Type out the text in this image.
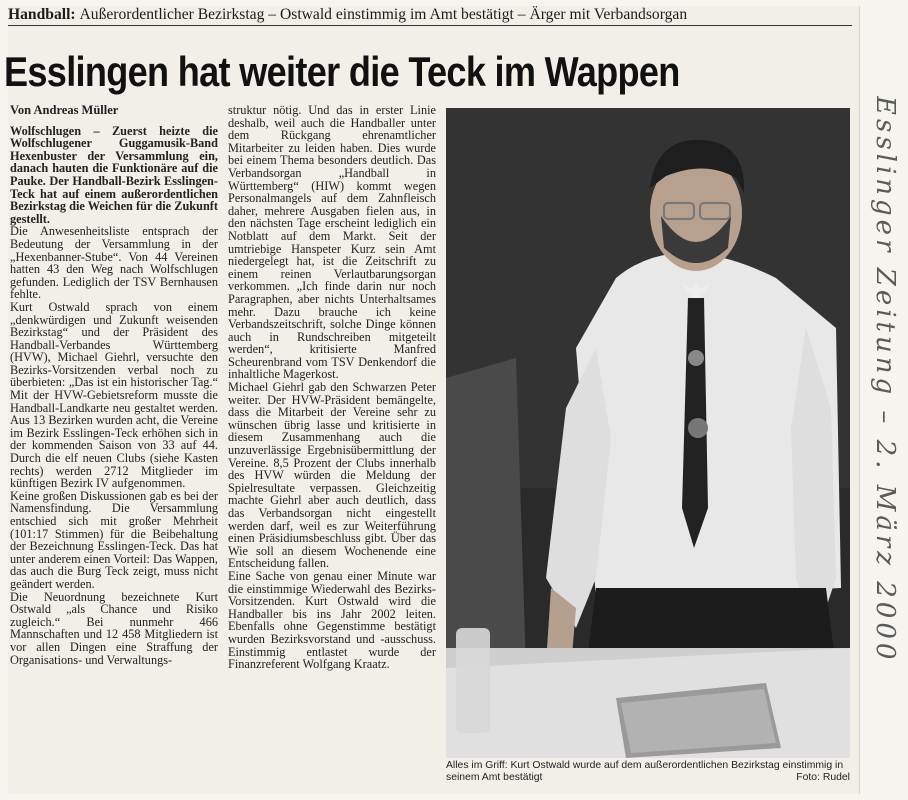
Handball: Außerordentlicher Bezirkstag – Ostwald einstimmig im Amt bestätigt – Ärger mit Verbandsorgan
Esslingen hat weiter die Teck im Wappen
Von Andreas Müller

Wolfschlugen – Zuerst heizte die Wolfschlugener Guggamusik-Band Hexenbuster der Versammlung ein, danach hauten die Funktionäre auf die Pauke. Der Handball-Bezirk Esslingen-Teck hat auf einem außerordentlichen Bezirkstag die Weichen für die Zukunft gestellt.

Die Anwesenheitsliste entsprach der Bedeutung der Versammlung in der „Hexenbanner-Stube“. Von 44 Vereinen hatten 43 den Weg nach Wolfschlugen gefunden. Lediglich der TSV Bernhausen fehlte.

Kurt Ostwald sprach von einem „denkwürdigen und Zukunft weisenden Bezirkstag“ und der Präsident des Handball-Verbandes Württemberg (HVW), Michael Giehrl, versuchte den Bezirks-Vorsitzenden verbal noch zu überbieten: „Das ist ein historischer Tag.“ Mit der HVW-Gebietsreform musste die Handball-Landkarte neu gestaltet werden. Aus 13 Bezirken wurden acht, die Vereine im Bezirk Esslingen-Teck erhöhen sich in der kommenden Saison von 33 auf 44. Durch die elf neuen Clubs (siehe Kasten rechts) werden 2712 Mitglieder im künftigen Bezirk IV aufgenommen.

Keine großen Diskussionen gab es bei der Namensfindung. Die Versammlung entschied sich mit großer Mehrheit (101:17 Stimmen) für die Beibehaltung der Bezeichnung Esslingen-Teck. Das hat unter anderem einen Vorteil: Das Wappen, das auch die Burg Teck zeigt, muss nicht geändert werden.

Die Neuordnung bezeichnete Kurt Ostwald „als Chance und Risiko zugleich.“ Bei nunmehr 466 Mannschaften und 12 458 Mitgliedern ist vor allen Dingen eine Straffung der Organisations- und Verwaltungs-

struktur nötig. Und das in erster Linie deshalb, weil auch die Handballer unter dem Rückgang ehrenamtlicher Mitarbeiter zu leiden haben. Dies wurde bei einem Thema besonders deutlich. Das Verbandsorgan „Handball in Württemberg“ (HIW) kommt wegen Personalmangels auf dem Zahnfleisch daher, mehrere Ausgaben fielen aus, in den nächsten Tage erscheint lediglich ein Notblatt auf dem Markt. Seit der umtriebige Hanspeter Kurz sein Amt niedergelegt hat, ist die Zeitschrift zu einem reinen Verlautbarungsorgan verkommen. „Ich finde darin nur noch Paragraphen, aber nichts Unterhaltsames mehr. Dazu brauche ich keine Verbandszeitschrift, solche Dinge können auch in Rundschreiben mitgeteilt werden“, kritisierte Manfred Scheurenbrand vom TSV Denkendorf die inhaltliche Magerkost.

Michael Giehrl gab den Schwarzen Peter weiter. Der HVW-Präsident bemängelte, dass die Mitarbeit der Vereine sehr zu wünschen übrig lasse und kritisierte in diesem Zusammenhang auch die unzuverlässige Ergebnisübermittlung der Vereine. 8,5 Prozent der Clubs innerhalb des HVW würden die Meldung der Spielresultate verpassen. Gleichzeitig machte Giehrl aber auch deutlich, dass das Verbandsorgan nicht eingestellt werden darf, weil es zur Weiterführung einen Präsidiumsbeschluss gibt. Über das Wie soll an diesem Wochenende eine Entscheidung fallen.

Eine Sache von genau einer Minute war die einstimmige Wiederwahl des Bezirks-Vorsitzenden. Kurt Ostwald wird die Handballer bis ins Jahr 2002 leiten. Ebenfalls ohne Gegenstimme bestätigt wurden Bezirksvorstand und -ausschuss. Einstimmig entlastet wurde der Finanzreferent Wolfgang Kraatz.

Alles im Griff: Kurt Ostwald wurde auf dem außerordentlichen Bezirkstag einstimmig in seinem Amt bestätigt	Foto: Rudel
Esslinger Zeitung – 2. März 2000
